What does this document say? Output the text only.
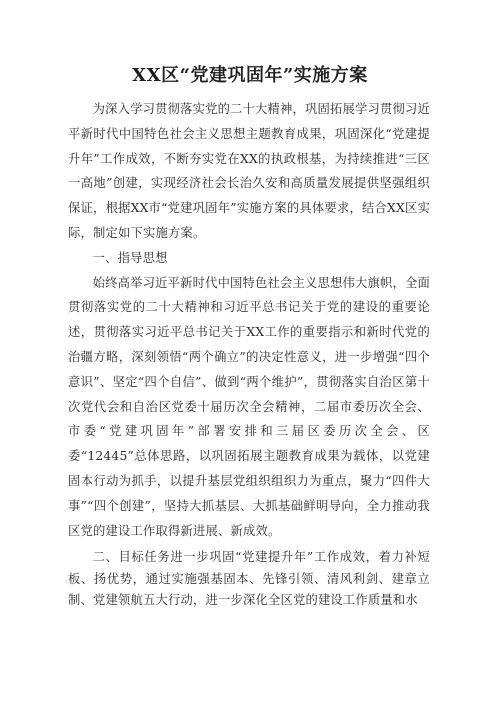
XX区“党建巩固年”实施方案

为深入学习贯彻落实党的二十大精神，巩固拓展学习贯彻习近平新时代中国特色社会主义思想主题教育成果，巩固深化“党建提升年”工作成效，不断夯实党在XX的执政根基，为持续推进“三区一高地”创建，实现经济社会长治久安和高质量发展提供坚强组织保证，根据XX市“党建巩固年”实施方案的具体要求，结合XX区实际，制定如下实施方案。

一、指导思想

始终高举习近平新时代中国特色社会主义思想伟大旗帜，全面贯彻落实党的二十大精神和习近平总书记关于党的建设的重要论述，贯彻落实习近平总书记关于XX工作的重要指示和新时代党的治疆方略，深刻领悟“两个确立”的决定性意义，进一步增强“四个意识”、坚定“四个自信”、做到“两个维护”，贯彻落实自治区第十次党代会和自治区党委十届历次全会精神，二届市委历次全会、市委“党建巩固年”部署安排和三届区委历次全会、区委“12445”总体思路，以巩固拓展主题教育成果为载体，以党建固本行动为抓手，以提升基层党组织组织力为重点，聚力“四件大事”“四个创建”，坚持大抓基层、大抓基础鲜明导向，全力推动我区党的建设工作取得新进展、新成效。

二、目标任务进一步巩固“党建提升年”工作成效，着力补短板、扬优势，通过实施强基固本、先锋引领、清风利剑、建章立制、党建领航五大行动，进一步深化全区党的建设工作质量和水
